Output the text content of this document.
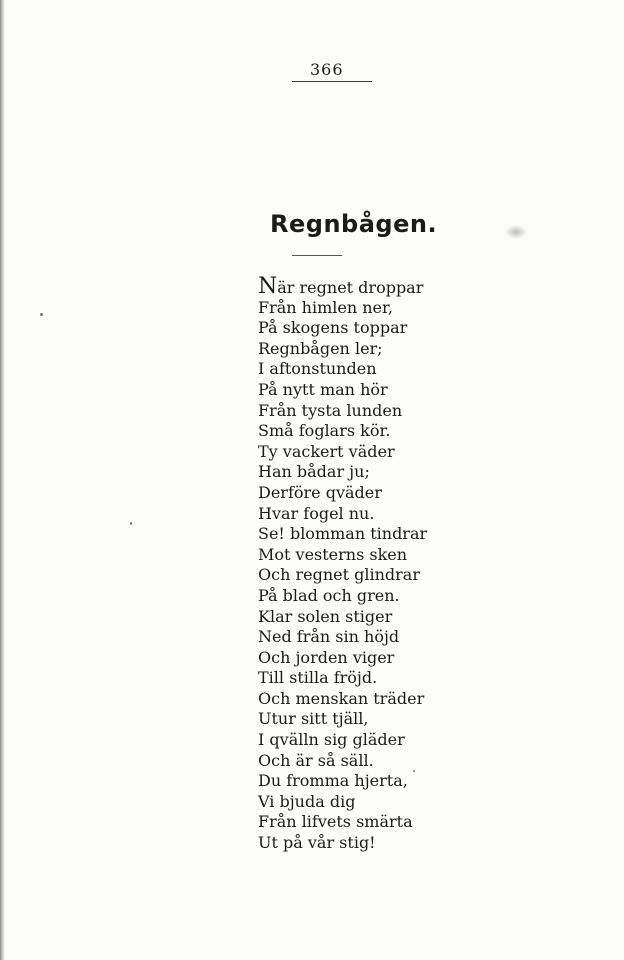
366
Regnbågen.
När regnet droppar
Från himlen ner,
På skogens toppar
Regnbågen ler;
I aftonstunden
På nytt man hör
Från tysta lunden
Små foglars kör.
Ty vackert väder
Han bådar ju;
Derföre qväder
Hvar fogel nu.
Se! blomman tindrar
Mot vesterns sken
Och regnet glindrar
På blad och gren.
Klar solen stiger
Ned från sin höjd
Och jorden viger
Till stilla fröjd.
Och menskan träder
Utur sitt tjäll,
I qvälln sig gläder
Och är så säll.
Du fromma hjerta,
Vi bjuda dig
Från lifvets smärta
Ut på vår stig!
